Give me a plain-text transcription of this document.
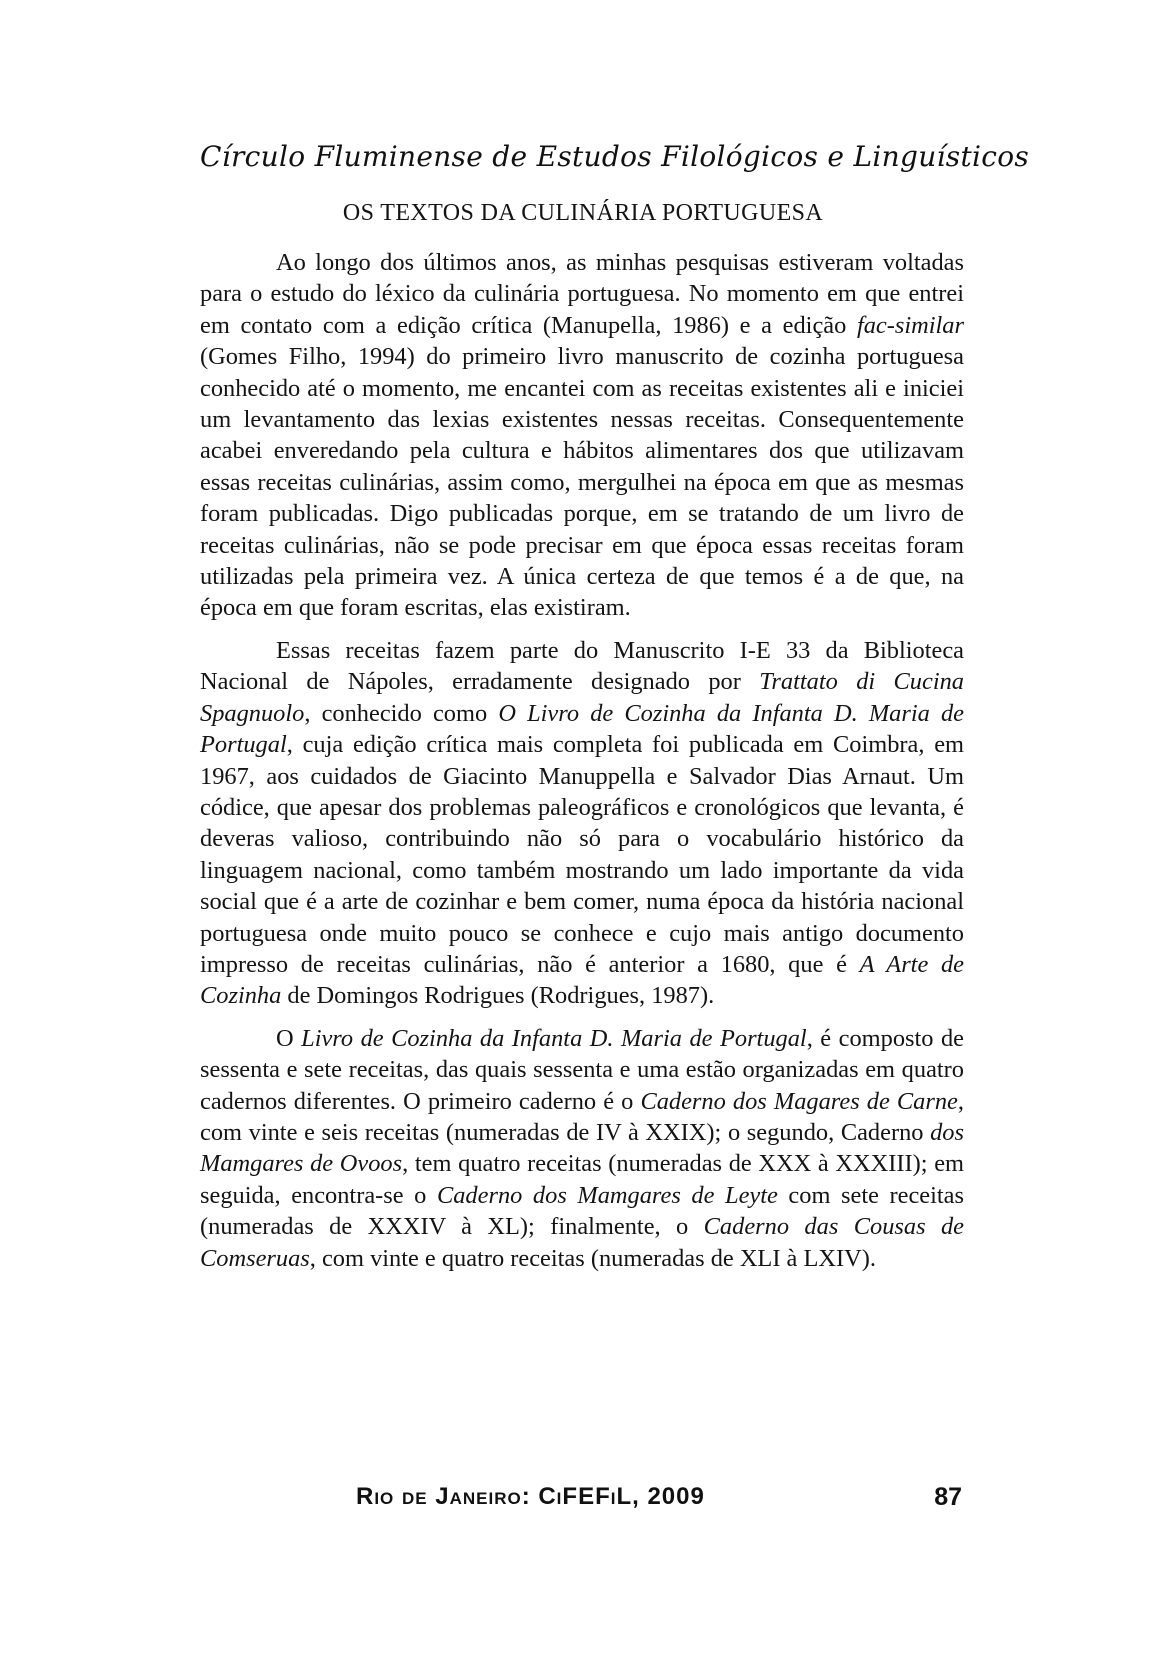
Círculo Fluminense de Estudos Filológicos e Linguísticos
OS TEXTOS DA CULINÁRIA PORTUGUESA

Ao longo dos últimos anos, as minhas pesquisas estiveram voltadas para o estudo do léxico da culinária portuguesa. No momento em que entrei em contato com a edição crítica (Manupella, 1986) e a edição fac-similar (Gomes Filho, 1994) do primeiro livro manuscrito de cozinha portuguesa conhecido até o momento, me encantei com as receitas existentes ali e iniciei um levantamento das lexias existentes nessas receitas. Consequentemente acabei enveredando pela cultura e hábitos alimentares dos que utilizavam essas receitas culinárias, assim como, mergulhei na época em que as mesmas foram publicadas. Digo publicadas porque, em se tratando de um livro de receitas culinárias, não se pode precisar em que época essas receitas foram utilizadas pela primeira vez. A única certeza de que temos é a de que, na época em que foram escritas, elas existiram.

Essas receitas fazem parte do Manuscrito I-E 33 da Biblioteca Nacional de Nápoles, erradamente designado por Trattato di Cucina Spagnuolo, conhecido como O Livro de Cozinha da Infanta D. Maria de Portugal, cuja edição crítica mais completa foi publicada em Coimbra, em 1967, aos cuidados de Giacinto Manuppella e Salvador Dias Arnaut. Um códice, que apesar dos problemas paleográficos e cronológicos que levanta, é deveras valioso, contribuindo não só para o vocabulário histórico da linguagem nacional, como também mostrando um lado importante da vida social que é a arte de cozinhar e bem comer, numa época da história nacional portuguesa onde muito pouco se conhece e cujo mais antigo documento impresso de receitas culinárias, não é anterior a 1680, que é A Arte de Cozinha de Domingos Rodrigues (Rodrigues, 1987).

O Livro de Cozinha da Infanta D. Maria de Portugal, é composto de sessenta e sete receitas, das quais sessenta e uma estão organizadas em quatro cadernos diferentes. O primeiro caderno é o Caderno dos Magares de Carne, com vinte e seis receitas (numeradas de IV à XXIX); o segundo, Caderno dos Mamgares de Ovoos, tem quatro receitas (numeradas de XXX à XXXIII); em seguida, encontra-se o Caderno dos Mamgares de Leyte com sete receitas (numeradas de XXXIV à XL); finalmente, o Caderno das Cousas de Comseruas, com vinte e quatro receitas (numeradas de XLI à LXIV).

Rio de Janeiro: CiFEFiL, 2009	87
